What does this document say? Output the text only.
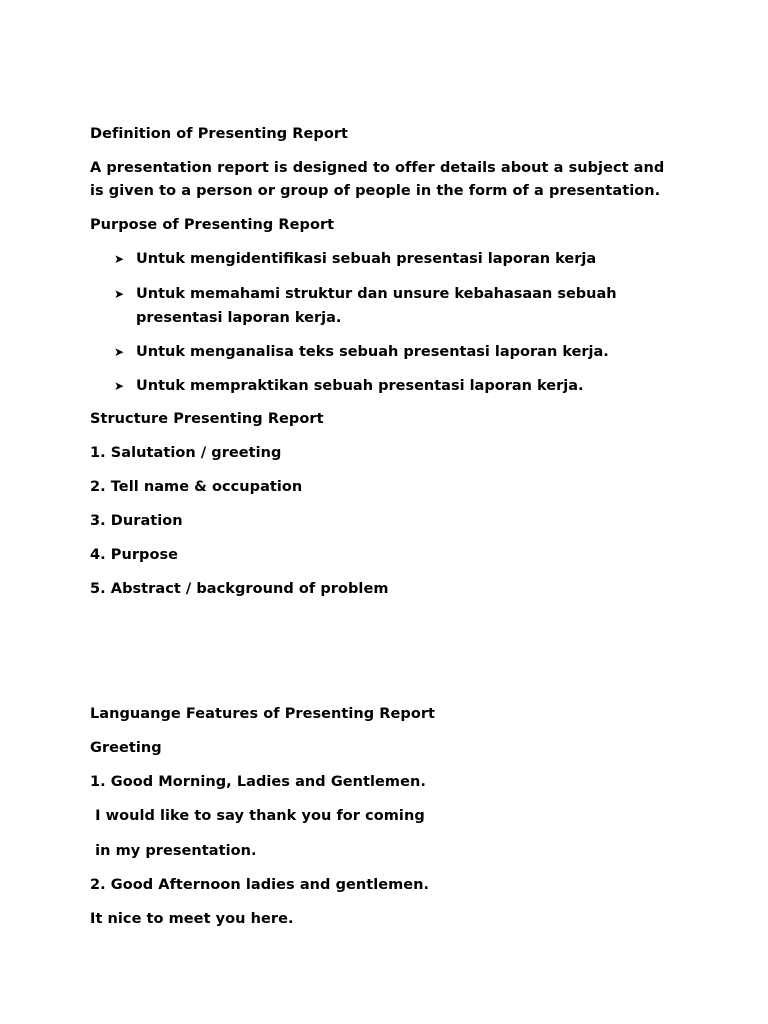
Definition of Presenting Report
A presentation report is designed to offer details about a subject and
is given to a person or group of people in the form of a presentation.
Purpose of Presenting Report
➤ Untuk mengidentifikasi sebuah presentasi laporan kerja
➤ Untuk memahami struktur dan unsure kebahasaan sebuah
presentasi laporan kerja.
➤ Untuk menganalisa teks sebuah presentasi laporan kerja.
➤ Untuk mempraktikan sebuah presentasi laporan kerja.
Structure Presenting Report
1. Salutation / greeting
2. Tell name & occupation
3. Duration
4. Purpose
5. Abstract / background of problem
Languange Features of Presenting Report
Greeting
1. Good Morning, Ladies and Gentlemen.
I would like to say thank you for coming
in my presentation.
2. Good Afternoon ladies and gentlemen.
It nice to meet you here.
